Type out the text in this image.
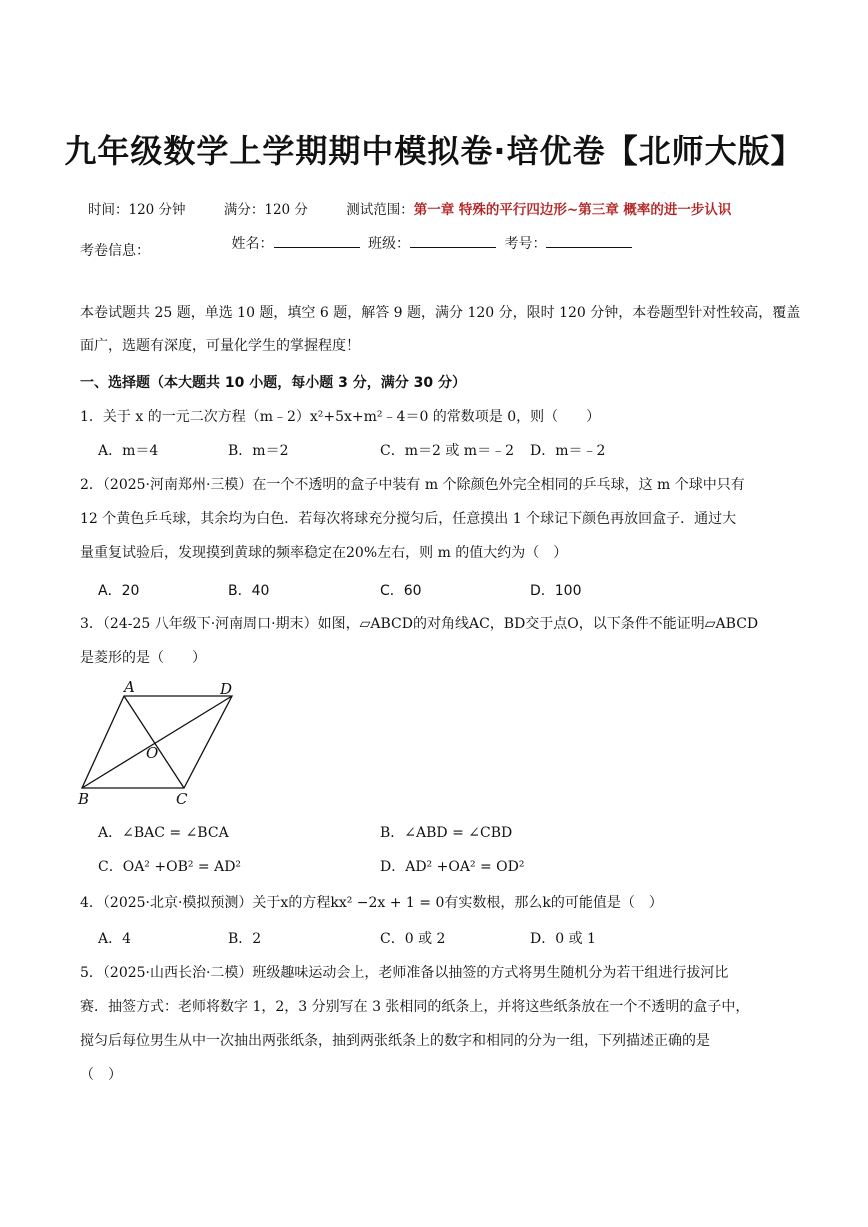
九年级数学上学期期中模拟卷·培优卷【北师大版】
时间：120 分钟	满分：120 分	测试范围：第一章 特殊的平行四边形~第三章 概率的进一步认识
姓名：	班级：	考号：
考卷信息：
本卷试题共 25 题，单选 10 题，填空 6 题，解答 9 题，满分 120 分，限时 120 分钟，本卷题型针对性较高，覆盖
面广，选题有深度，可量化学生的掌握程度！
一、选择题（本大题共 10 小题，每小题 3 分，满分 30 分）
1．关于 x 的一元二次方程（m﹣2）x²+5x+m²﹣4＝0 的常数项是 0，则（　　）
A．m＝4	B．m＝2	C．m＝2 或 m＝﹣2 D．m＝﹣2
2．（2025·河南郑州·三模）在一个不透明的盒子中装有 m 个除颜色外完全相同的乒乓球，这 m 个球中只有
12 个黄色乒乓球，其余均为白色．若每次将球充分搅匀后，任意摸出 1 个球记下颜色再放回盒子．通过大
量重复试验后，发现摸到黄球的频率稳定在20%左右，则 m 的值大约为（　）
A．20	B．40	C．60	D．100
3．（24-25 八年级下·河南周口·期末）如图，▱ABCD的对角线AC，BD交于点O，以下条件不能证明▱ABCD
是菱形的是（　　）
A	D
O
B	C
A．∠BAC = ∠BCA	B．∠ABD = ∠CBD
C．OA² +OB² = AD²	D．AD² +OA² = OD²
4．（2025·北京·模拟预测）关于x的方程kx² −2x + 1 = 0有实数根，那么k的可能值是（　）
A．4	B．2	C．0 或 2	D．0 或 1
5．（2025·山西长治·二模）班级趣味运动会上，老师准备以抽签的方式将男生随机分为若干组进行拔河比
赛．抽签方式：老师将数字 1，2，3 分别写在 3 张相同的纸条上，并将这些纸条放在一个不透明的盒子中，
搅匀后每位男生从中一次抽出两张纸条，抽到两张纸条上的数字和相同的分为一组，下列描述正确的是
（　）
